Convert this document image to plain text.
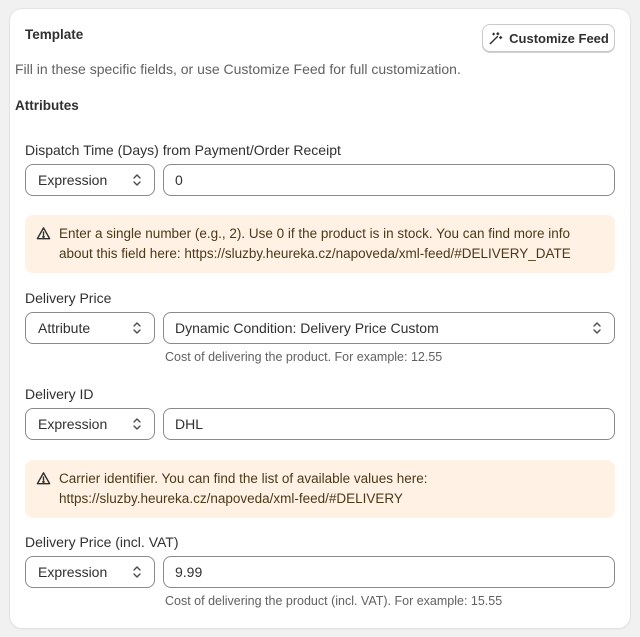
Template	Customize Feed
Fill in these specific fields, or use Customize Feed for full customization.
Attributes
Dispatch Time (Days) from Payment/Order Receipt
Expression	0
Enter a single number (e.g., 2). Use 0 if the product is in stock. You can find more info about this field here: https://sluzby.heureka.cz/napoveda/xml-feed/#DELIVERY_DATE
Delivery Price
Attribute	Dynamic Condition: Delivery Price Custom
Cost of delivering the product. For example: 12.55
Delivery ID
Expression	DHL
Carrier identifier. You can find the list of available values here: https://sluzby.heureka.cz/napoveda/xml-feed/#DELIVERY
Delivery Price (incl. VAT)
Expression	9.99
Cost of delivering the product (incl. VAT). For example: 15.55
